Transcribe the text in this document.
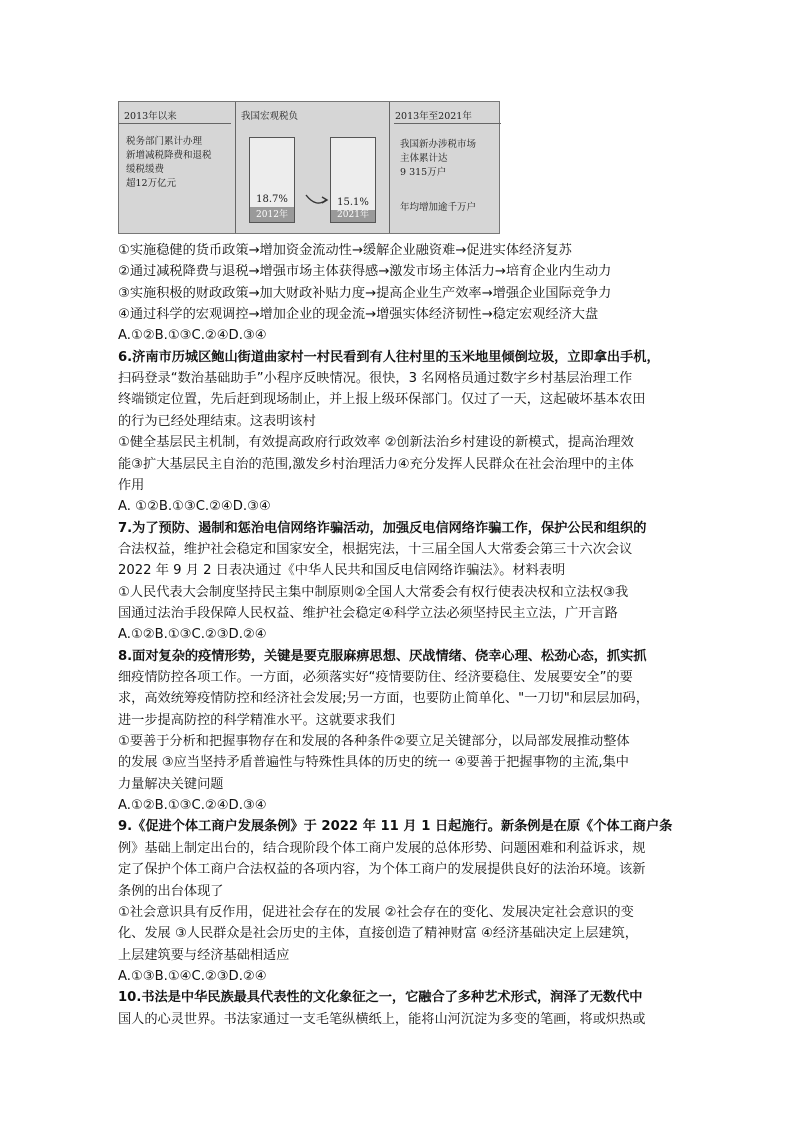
2013年以来
税务部门累计办理
新增减税降费和退税
缓税缓费
超12万亿元
我国宏观税负
18.7%
2012年
15.1%
2021年
2013年至2021年
我国新办涉税市场
主体累计达
9 315万户
年均增加逾千万户
①实施稳健的货币政策→增加资金流动性→缓解企业融资难→促进实体经济复苏
②通过减税降费与退税→增强市场主体获得感→激发市场主体活力→培育企业内生动力
③实施积极的财政政策→加大财政补贴力度→提高企业生产效率→增强企业国际竞争力
④通过科学的宏观调控→增加企业的现金流→增强实体经济韧性→稳定宏观经济大盘
A.①②B.①③C.②④D.③④
6.济南市历城区鲍山街道曲家村一村民看到有人往村里的玉米地里倾倒垃圾，立即拿出手机，
扫码登录“数治基础助手”小程序反映情况。很快，3 名网格员通过数字乡村基层治理工作
终端锁定位置，先后赶到现场制止，并上报上级环保部门。仅过了一天，这起破坏基本农田
的行为已经处理结束。这表明该村
①健全基层民主机制，有效提高政府行政效率 ②创新法治乡村建设的新模式，提高治理效
能③扩大基层民主自治的范围,激发乡村治理活力④充分发挥人民群众在社会治理中的主体
作用
A. ①②B.①③C.②④D.③④
7.为了预防、遏制和惩治电信网络诈骗活动，加强反电信网络诈骗工作，保护公民和组织的
合法权益，维护社会稳定和国家安全，根据宪法，十三届全国人大常委会第三十六次会议
2022 年 9 月 2 日表决通过《中华人民共和国反电信网络诈骗法》。材料表明
①人民代表大会制度坚持民主集中制原则②全国人大常委会有权行使表决权和立法权③我
国通过法治手段保障人民权益、维护社会稳定④科学立法必须坚持民主立法，广开言路
A.①②B.①③C.②③D.②④
8.面对复杂的疫情形势，关键是要克服麻痹思想、厌战情绪、侥幸心理、松劲心态，抓实抓
细疫情防控各项工作。一方面，必须落实好“疫情要防住、经济要稳住、发展要安全”的要
求，高效统筹疫情防控和经济社会发展;另一方面，也要防止简单化、"一刀切"和层层加码，
进一步提高防控的科学精准水平。这就要求我们
①要善于分析和把握事物存在和发展的各种条件②要立足关键部分，以局部发展推动整体
的发展 ③应当坚持矛盾普遍性与特殊性具体的历史的统一 ④要善于把握事物的主流,集中
力量解决关键问题
A.①②B.①③C.②④D.③④
9.《促进个体工商户发展条例》于 2022 年 11 月 1 日起施行。新条例是在原《个体工商户条
例》基础上制定出台的，结合现阶段个体工商户发展的总体形势、问题困难和利益诉求，规
定了保护个体工商户合法权益的各项内容，为个体工商户的发展提供良好的法治环境。该新
条例的出台体现了
①社会意识具有反作用，促进社会存在的发展 ②社会存在的变化、发展决定社会意识的变
化、发展 ③人民群众是社会历史的主体，直接创造了精神财富 ④经济基础决定上层建筑，
上层建筑要与经济基础相适应
A.①③B.①④C.②③D.②④
10.书法是中华民族最具代表性的文化象征之一，它融合了多种艺术形式，润泽了无数代中
国人的心灵世界。书法家通过一支毛笔纵横纸上，能将山河沉淀为多变的笔画，将或炽热或
